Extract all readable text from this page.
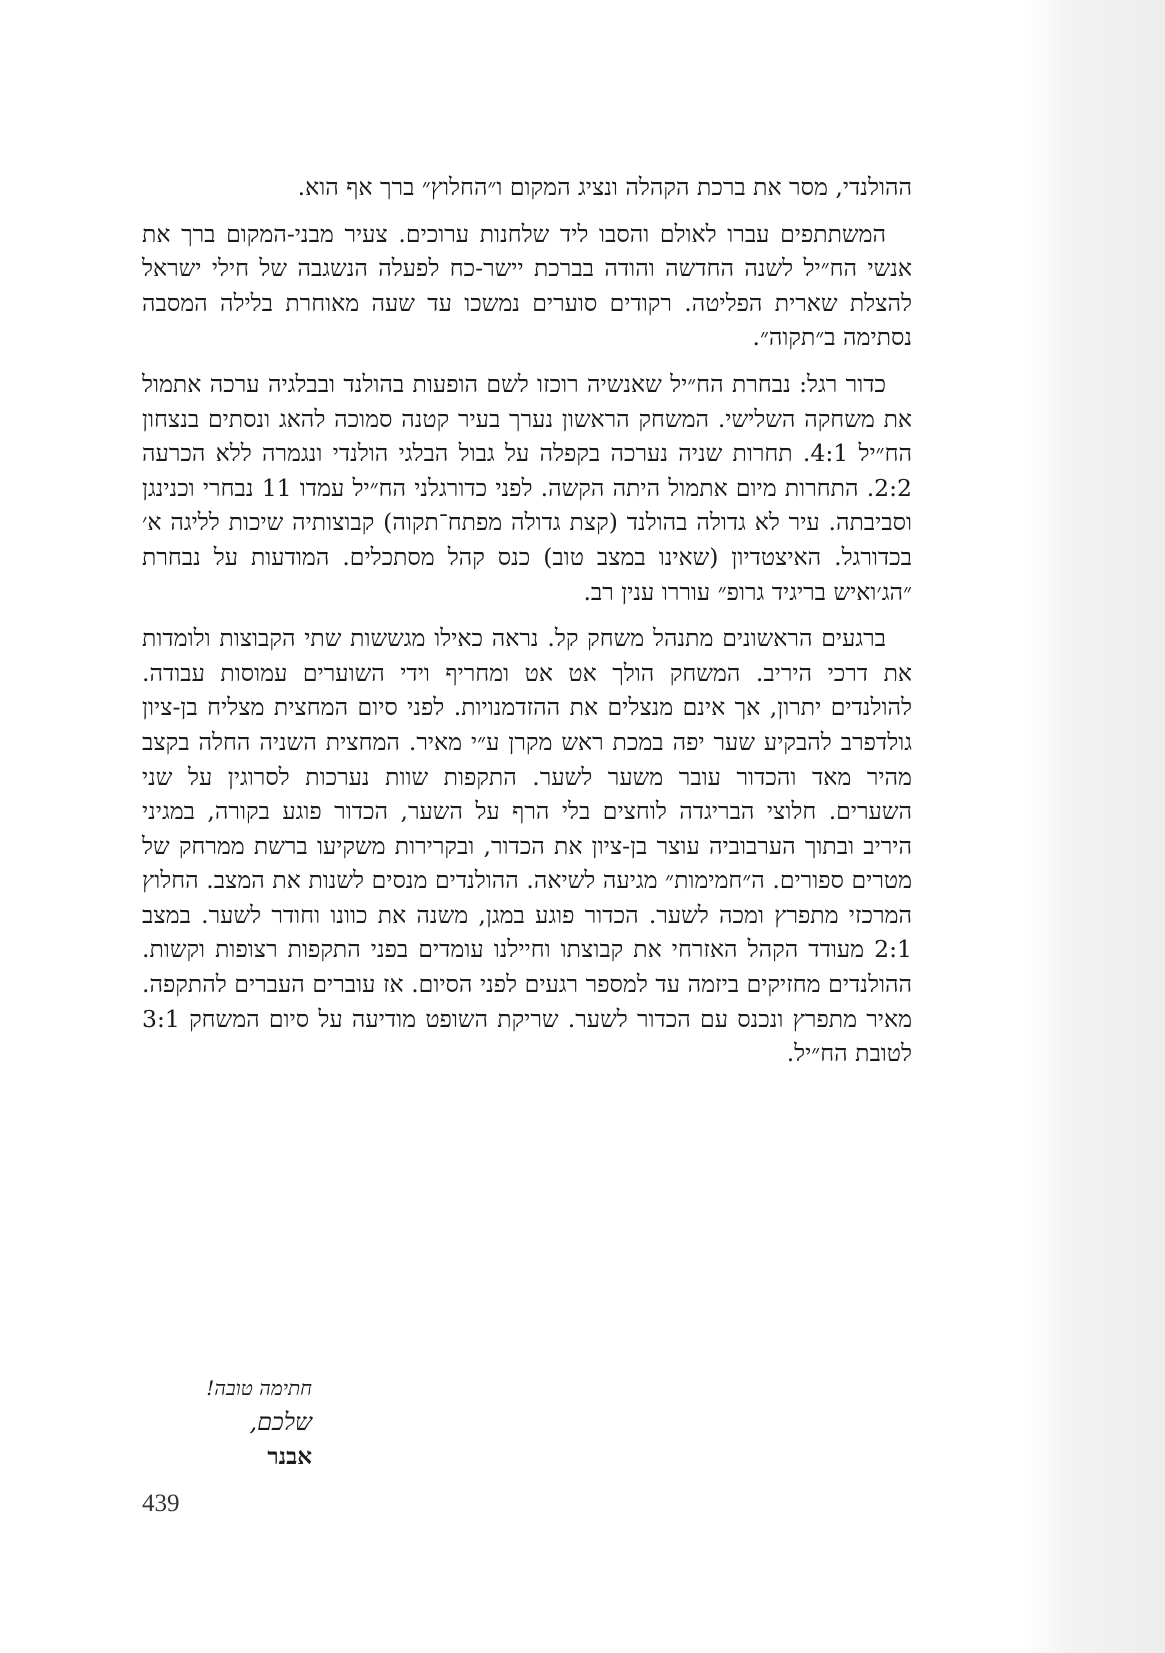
ההולנדי, מסר את ברכת הקהלה ונציג המקום ו״החלוץ״ ברך אף הוא.

המשתתפים עברו לאולם והסבו ליד שלחנות ערוכים. צעיר מבני-המקום ברך את אנשי הח״יל לשנה החדשה והודה בברכת יישר-כח לפעלה הנשגבה של חילי ישראל להצלת שארית הפליטה. רקודים סוערים נמשכו עד שעה מאוחרת בלילה המסבה נסתימה ב״תקוה״.

כדור רגל: נבחרת הח״יל שאנשיה רוכזו לשם הופעות בהולנד ובבלגיה ערכה אתמול את משחקה השלישי. המשחק הראשון נערך בעיר קטנה סמוכה להאג ונסתים בנצחון הח״יל 4:1. תחרות שניה נערכה בקפלה על גבול הבלגי הולנדי ונגמרה ללא הכרעה 2:2. התחרות מיום אתמול היתה הקשה. לפני כדורגלני הח״יל עמדו 11 נבחרי וכנינגן וסביבתה. עיר לא גדולה בהולנד (קצת גדולה מפתח־תקוה) קבוצותיה שיכות לליגה א׳ בכדורגל. האיצטדיון (שאינו במצב טוב) כנס קהל מסתכלים. המודעות על נבחרת ״הג׳ואיש בריגיד גרופ״ עוררו ענין רב.

ברגעים הראשונים מתנהל משחק קל. נראה כאילו מגששות שתי הקבוצות ולומדות את דרכי היריב. המשחק הולך אט אט ומחריף וידי השוערים עמוסות עבודה. להולנדים יתרון, אך אינם מנצלים את ההזדמנויות. לפני סיום המחצית מצליח בן-ציון גולדפרב להבקיע שער יפה במכת ראש מקרן ע״י מאיר. המחצית השניה החלה בקצב מהיר מאד והכדור עובר משער לשער. התקפות שוות נערכות לסרוגין על שני השערים. חלוצי הבריגדה לוחצים בלי הרף על השער, הכדור פוגע בקורה, במגיני היריב ובתוך הערבוביה עוצר בן-ציון את הכדור, ובקרירות משקיעו ברשת ממרחק של מטרים ספורים. ה״חמימות״ מגיעה לשיאה. ההולנדים מנסים לשנות את המצב. החלוץ המרכזי מתפרץ ומכה לשער. הכדור פוגע במגן, משנה את כוונו וחודר לשער. במצב 2:1 מעודד הקהל האזרחי את קבוצתו וחיילנו עומדים בפני התקפות רצופות וקשות. ההולנדים מחזיקים ביזמה עד למספר רגעים לפני הסיום. אז עוברים העברים להתקפה. מאיר מתפרץ ונכנס עם הכדור לשער. שריקת השופט מודיעה על סיום המשחק 3:1 לטובת הח״יל.

חתימה טובה!
שלכם,
אבנר
439
